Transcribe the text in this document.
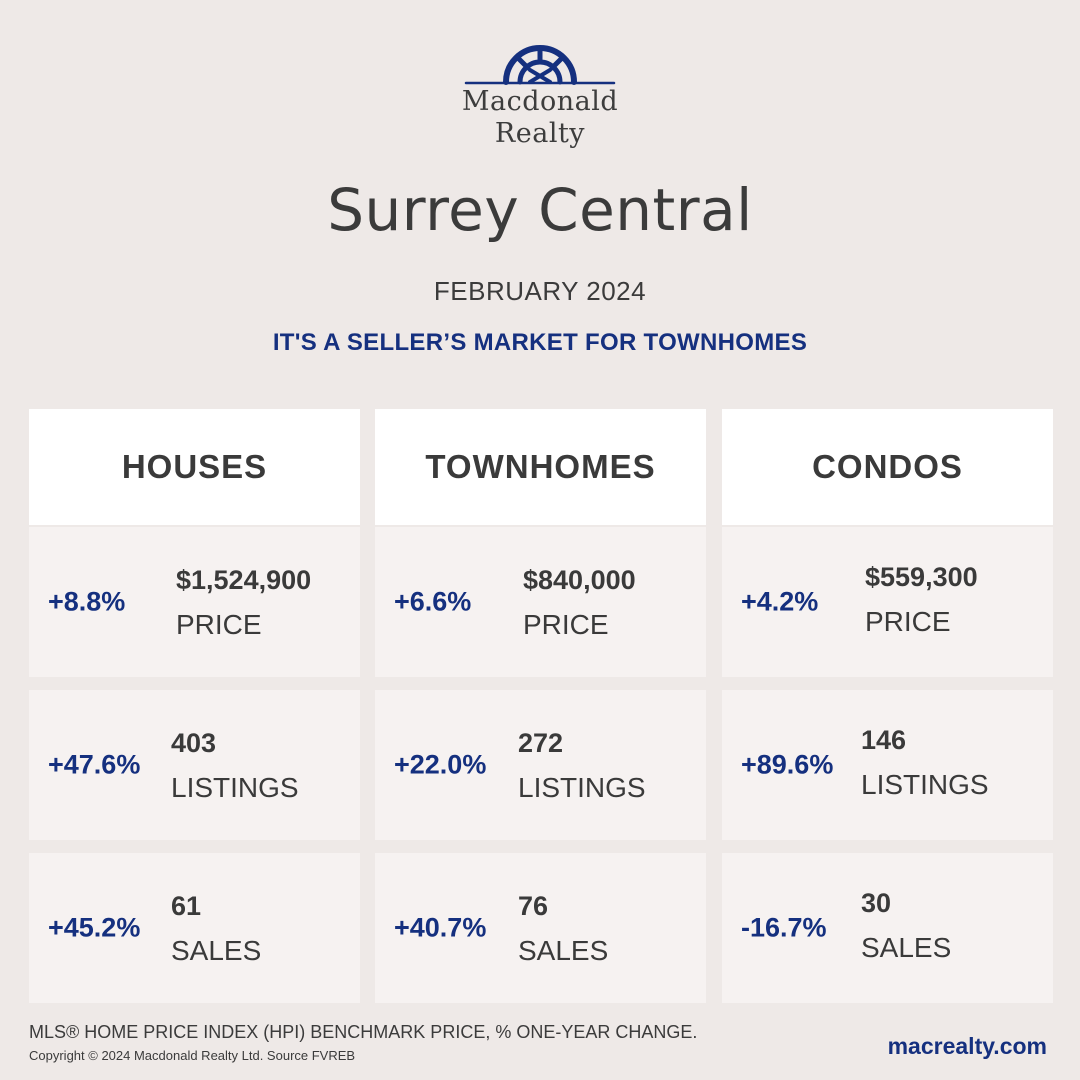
Macdonald
Realty
Surrey Central
FEBRUARY 2024
IT'S A SELLER’S MARKET FOR TOWNHOMES
HOUSES
+8.8%
$1,524,900
PRICE
+47.6%
403
LISTINGS
+45.2%
61
SALES
TOWNHOMES
+6.6%
$840,000
PRICE
+22.0%
272
LISTINGS
+40.7%
76
SALES
CONDOS
+4.2%
$559,300
PRICE
+89.6%
146
LISTINGS
-16.7%
30
SALES
MLS® HOME PRICE INDEX (HPI) BENCHMARK PRICE, % ONE-YEAR CHANGE.
Copyright © 2024 Macdonald Realty Ltd. Source FVREB	macrealty.com
